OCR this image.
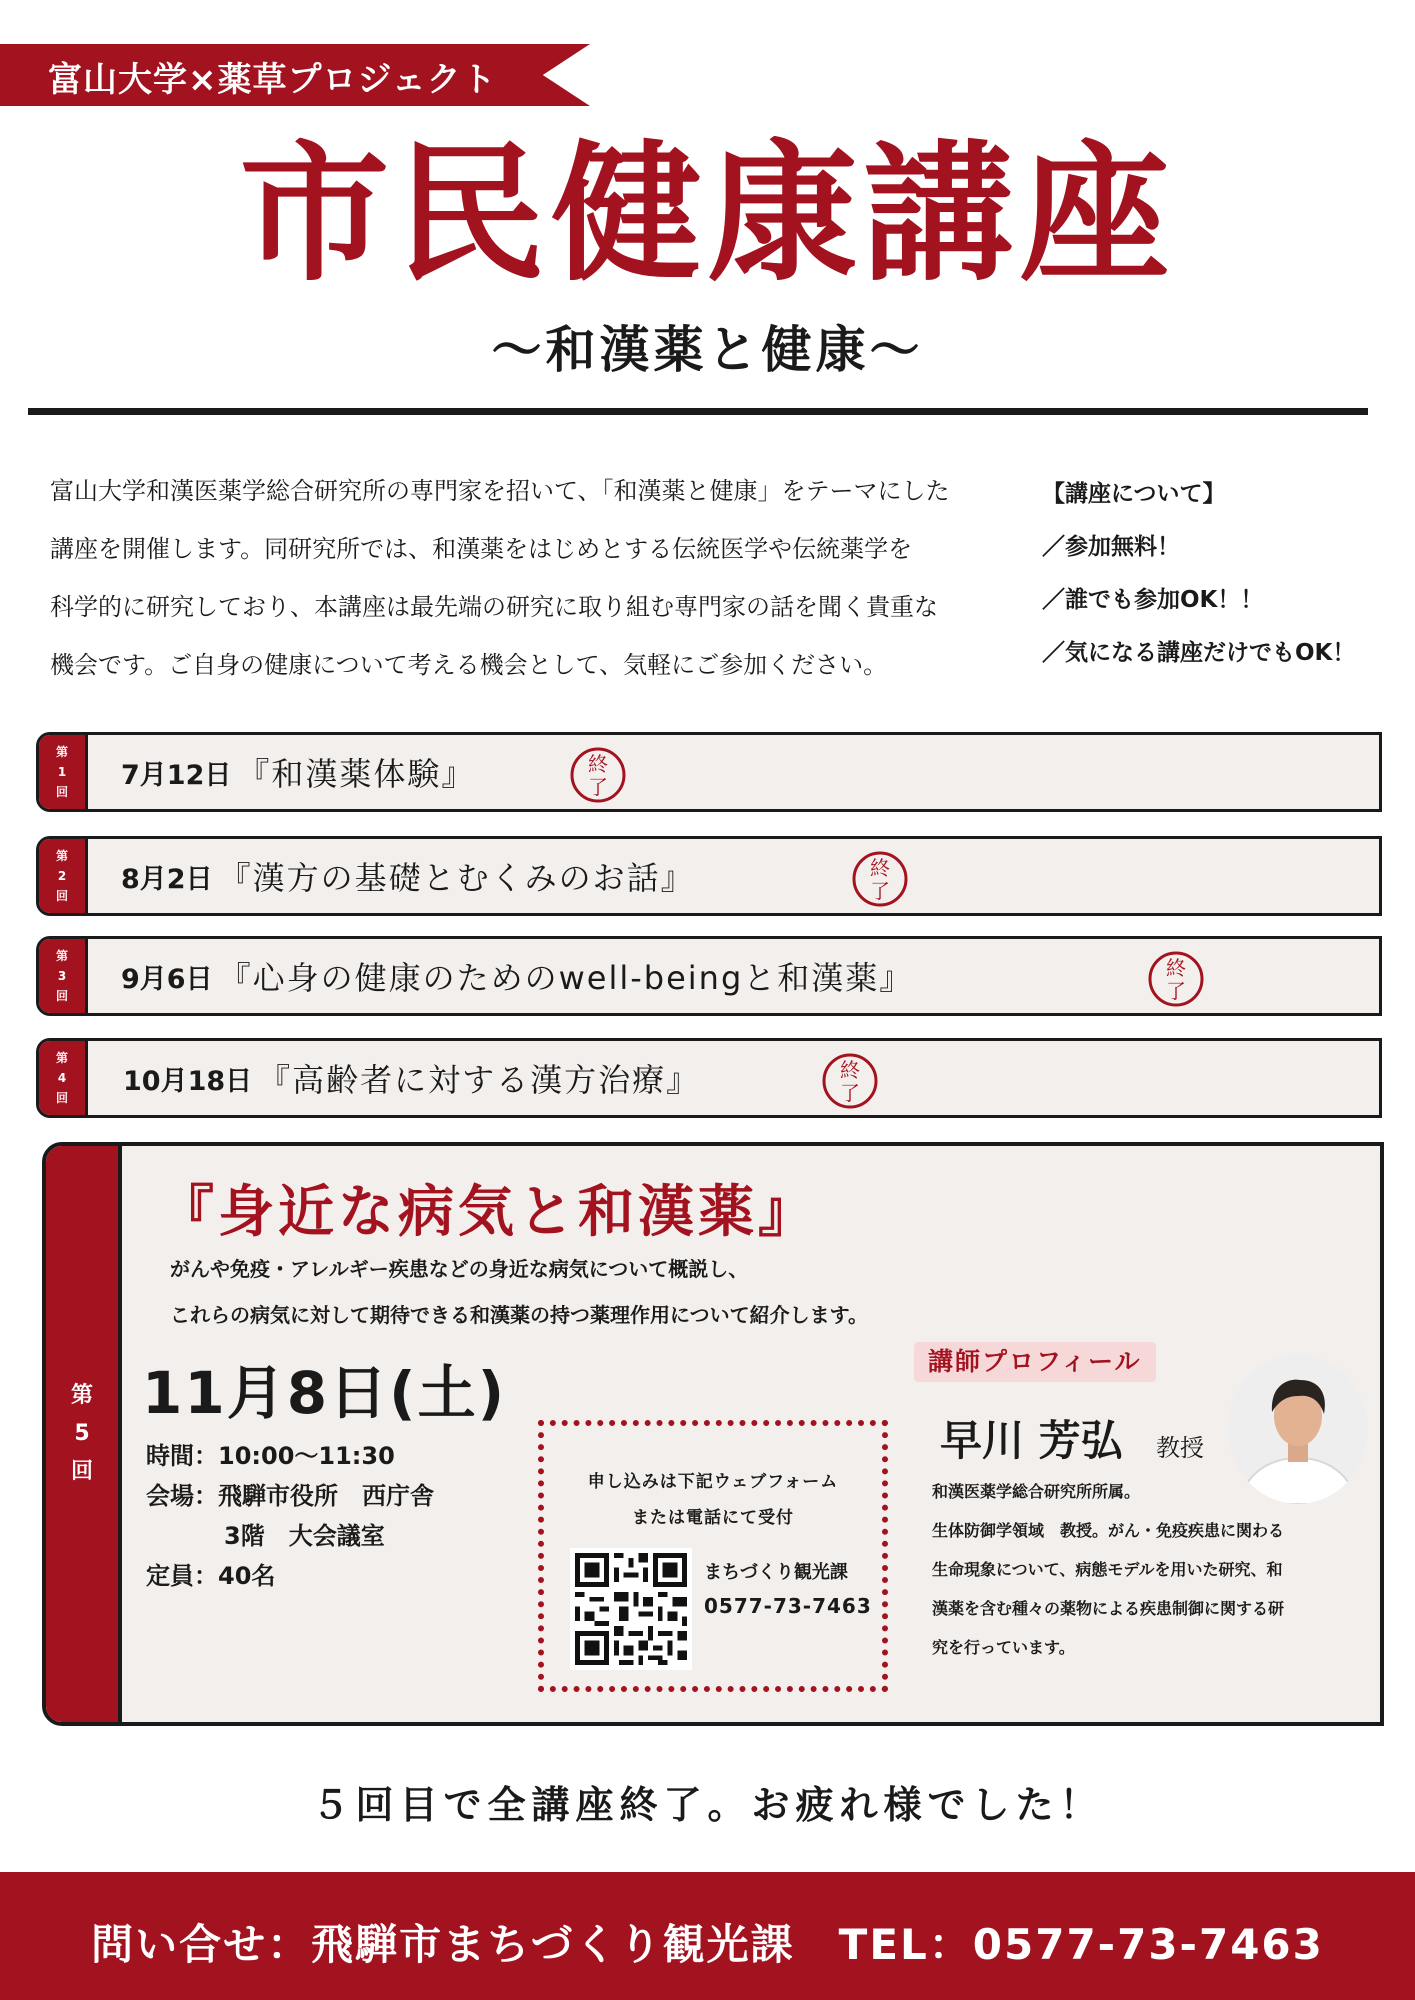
富山大学×薬草プロジェクト
市民健康講座
〜和漢薬と健康〜

富山大学和漢医薬学総合研究所の専門家を招いて、「和漢薬と健康」をテーマにした

講座を開催します。同研究所では、和漢薬をはじめとする伝統医学や伝統薬学を

科学的に研究しており、本講座は最先端の研究に取り組む専門家の話を聞く貴重な

機会です。ご自身の健康について考える機会として、気軽にご参加ください。

【講座について】
／参加無料！
／誰でも参加OK！！
／気になる講座だけでもOK！
第
1
回
7月12日 『和漢薬体験』	終
了
第
2
回
8月2日 『漢方の基礎とむくみのお話』	終
了
第
3
回
9月6日 『心身の健康のためのwell-beingと和漢薬』	終
了
第
4
回
10月18日 『高齢者に対する漢方治療』	終
了
第
5
回
『身近な病気と和漢薬』

がんや免疫・アレルギー疾患などの身近な病気について概説し、

これらの病気に対して期待できる和漢薬の持つ薬理作用について紹介します。

11月8日(土)
時間：10:00〜11:30
会場：飛騨市役所　西庁舎
3階　大会議室
定員：40名
申し込みは下記ウェブフォーム
または電話にて受付
まちづくり観光課
0577-73-7463
講師プロフィール
早川 芳弘 教授

和漢医薬学総合研究所所属。

生体防御学領域　教授。がん・免疫疾患に関わる

生命現象について、病態モデルを用いた研究、和

漢薬を含む種々の薬物による疾患制御に関する研

究を行っています。

５回目で全講座終了。お疲れ様でした！
問い合せ：飛騨市まちづくり観光課　TEL：0577-73-7463
